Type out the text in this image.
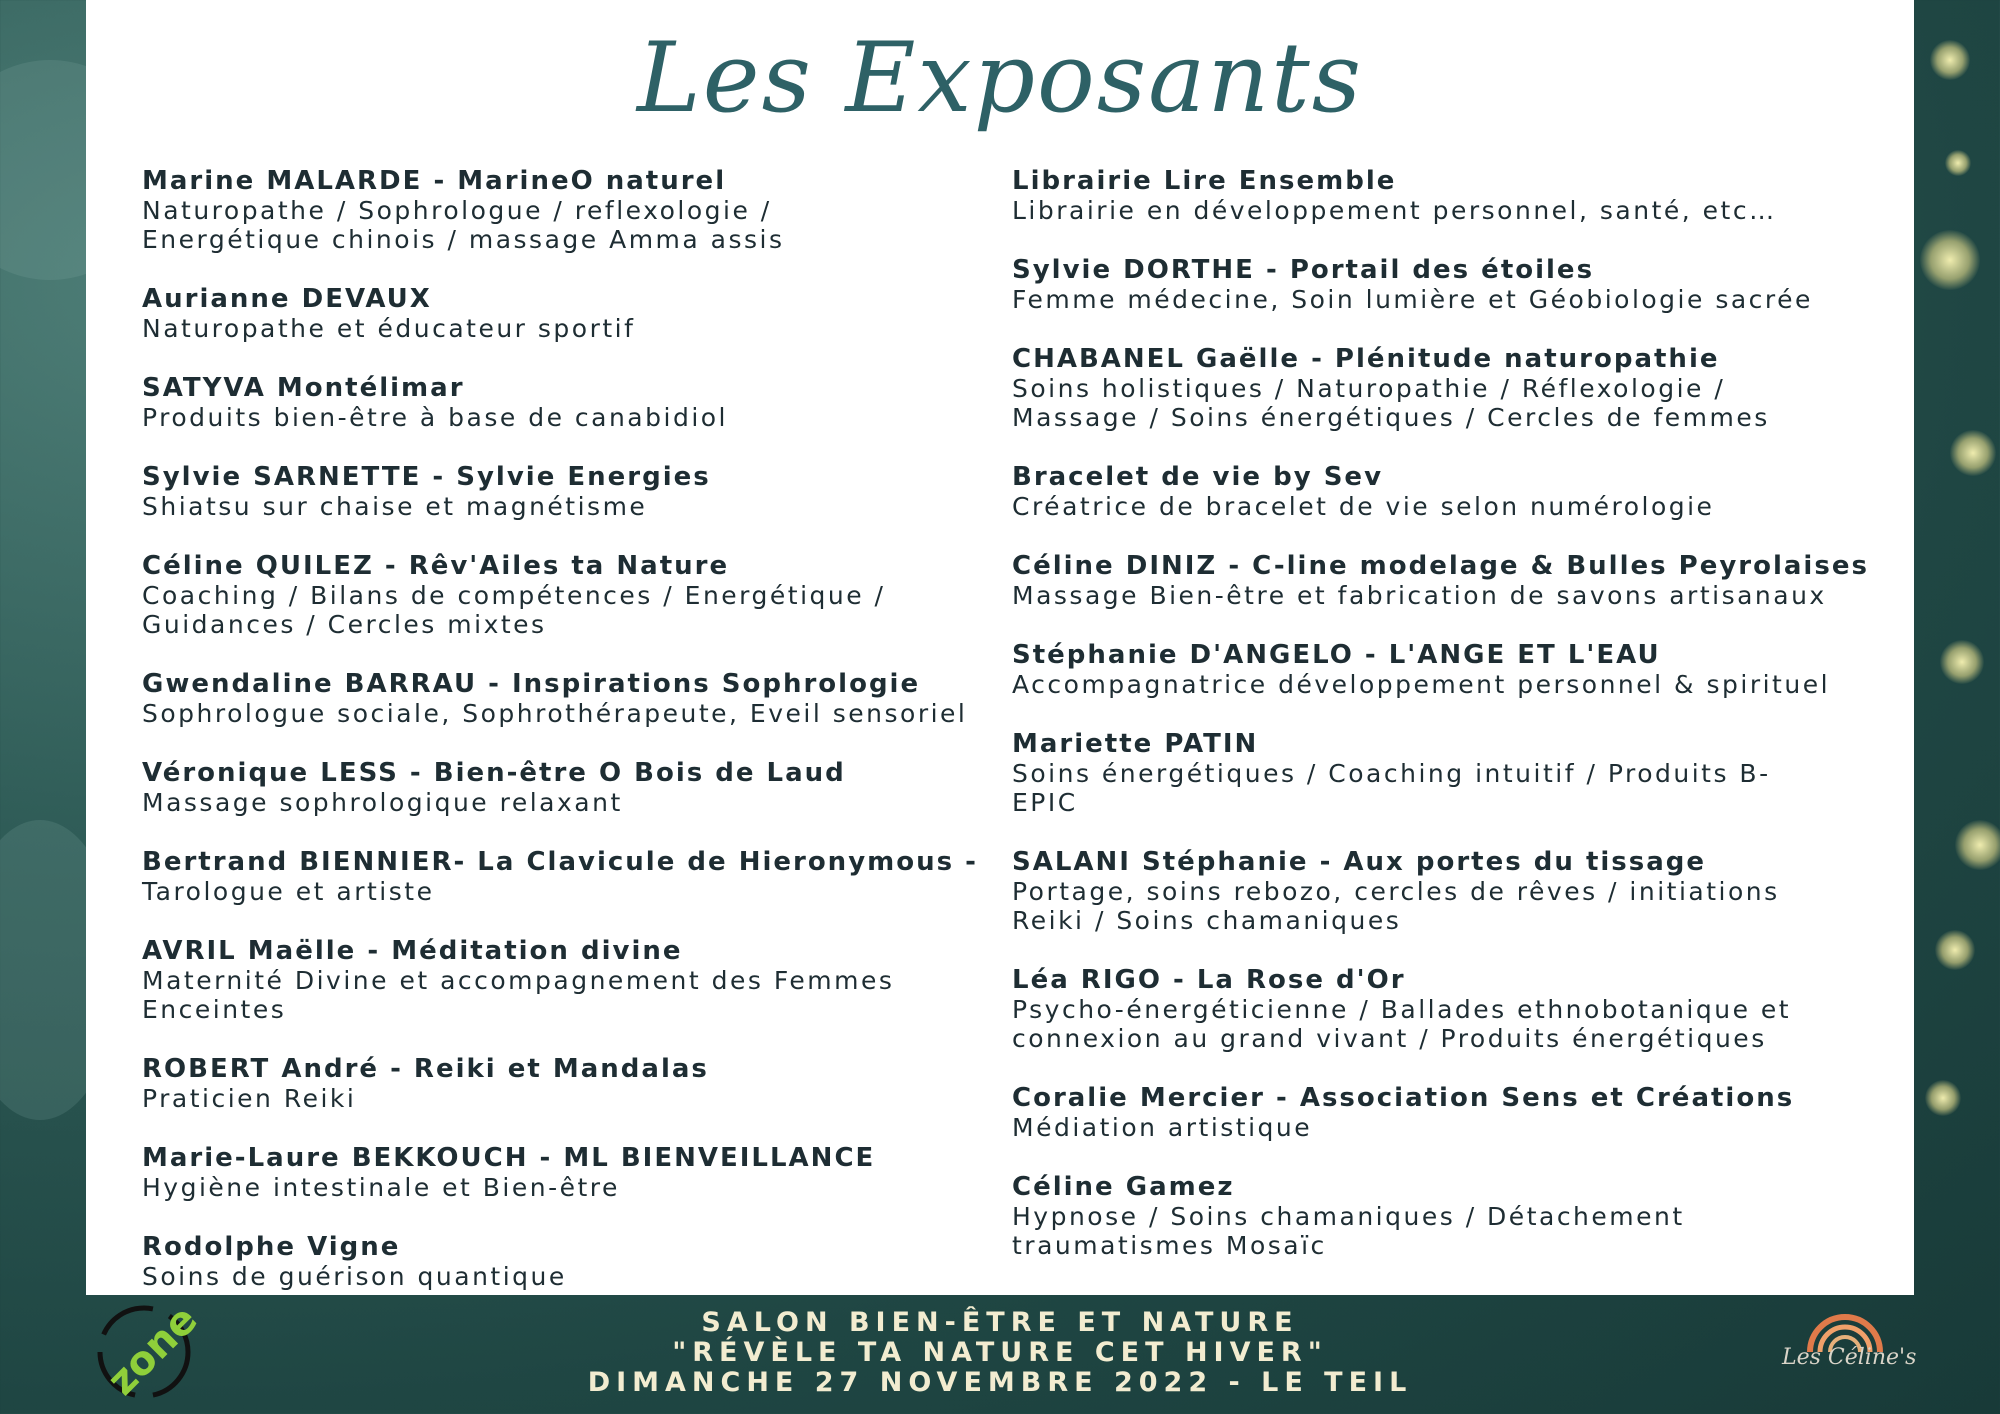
Les Exposants
Marine MALARDE - MarineO naturel
Naturopathe / Sophrologue / reflexologie /
Energétique chinois / massage Amma assis
Aurianne DEVAUX
Naturopathe et éducateur sportif
SATYVA Montélimar
Produits bien-être à base de canabidiol
Sylvie SARNETTE - Sylvie Energies
Shiatsu sur chaise et magnétisme
Céline QUILEZ - Rêv'Ailes ta Nature
Coaching / Bilans de compétences / Energétique /
Guidances / Cercles mixtes
Gwendaline BARRAU - Inspirations Sophrologie
Sophrologue sociale, Sophrothérapeute, Eveil sensoriel
Véronique LESS - Bien-être O Bois de Laud
Massage sophrologique relaxant
Bertrand BIENNIER- La Clavicule de Hieronymous -
Tarologue et artiste
AVRIL Maëlle - Méditation divine
Maternité Divine et accompagnement des Femmes
Enceintes
ROBERT André - Reiki et Mandalas
Praticien Reiki
Marie-Laure BEKKOUCH - ML BIENVEILLANCE
Hygiène intestinale et Bien-être
Rodolphe Vigne
Soins de guérison quantique
Librairie Lire Ensemble
Librairie en développement personnel, santé, etc…
Sylvie DORTHE - Portail des étoiles
Femme médecine, Soin lumière et Géobiologie sacrée
CHABANEL Gaëlle - Plénitude naturopathie
Soins holistiques / Naturopathie / Réflexologie /
Massage / Soins énergétiques / Cercles de femmes
Bracelet de vie by Sev
Créatrice de bracelet de vie selon numérologie
Céline DINIZ - C-line modelage & Bulles Peyrolaises
Massage Bien-être et fabrication de savons artisanaux
Stéphanie D'ANGELO - L'ANGE ET L'EAU
Accompagnatrice développement personnel & spirituel
Mariette PATIN
Soins énergétiques / Coaching intuitif / Produits B-
EPIC
SALANI Stéphanie - Aux portes du tissage
Portage, soins rebozo, cercles de rêves / initiations
Reiki / Soins chamaniques
Léa RIGO - La Rose d'Or
Psycho-énergéticienne / Ballades ethnobotanique et
connexion au grand vivant / Produits énergétiques
Coralie Mercier - Association Sens et Créations
Médiation artistique
Céline Gamez
Hypnose / Soins chamaniques / Détachement
traumatismes Mosaïc
SALON BIEN-ÊTRE ET NATURE
"RÉVÈLE TA NATURE CET HIVER"
DIMANCHE 27 NOVEMBRE 2022 - LE TEIL
zone	Les Céline's
